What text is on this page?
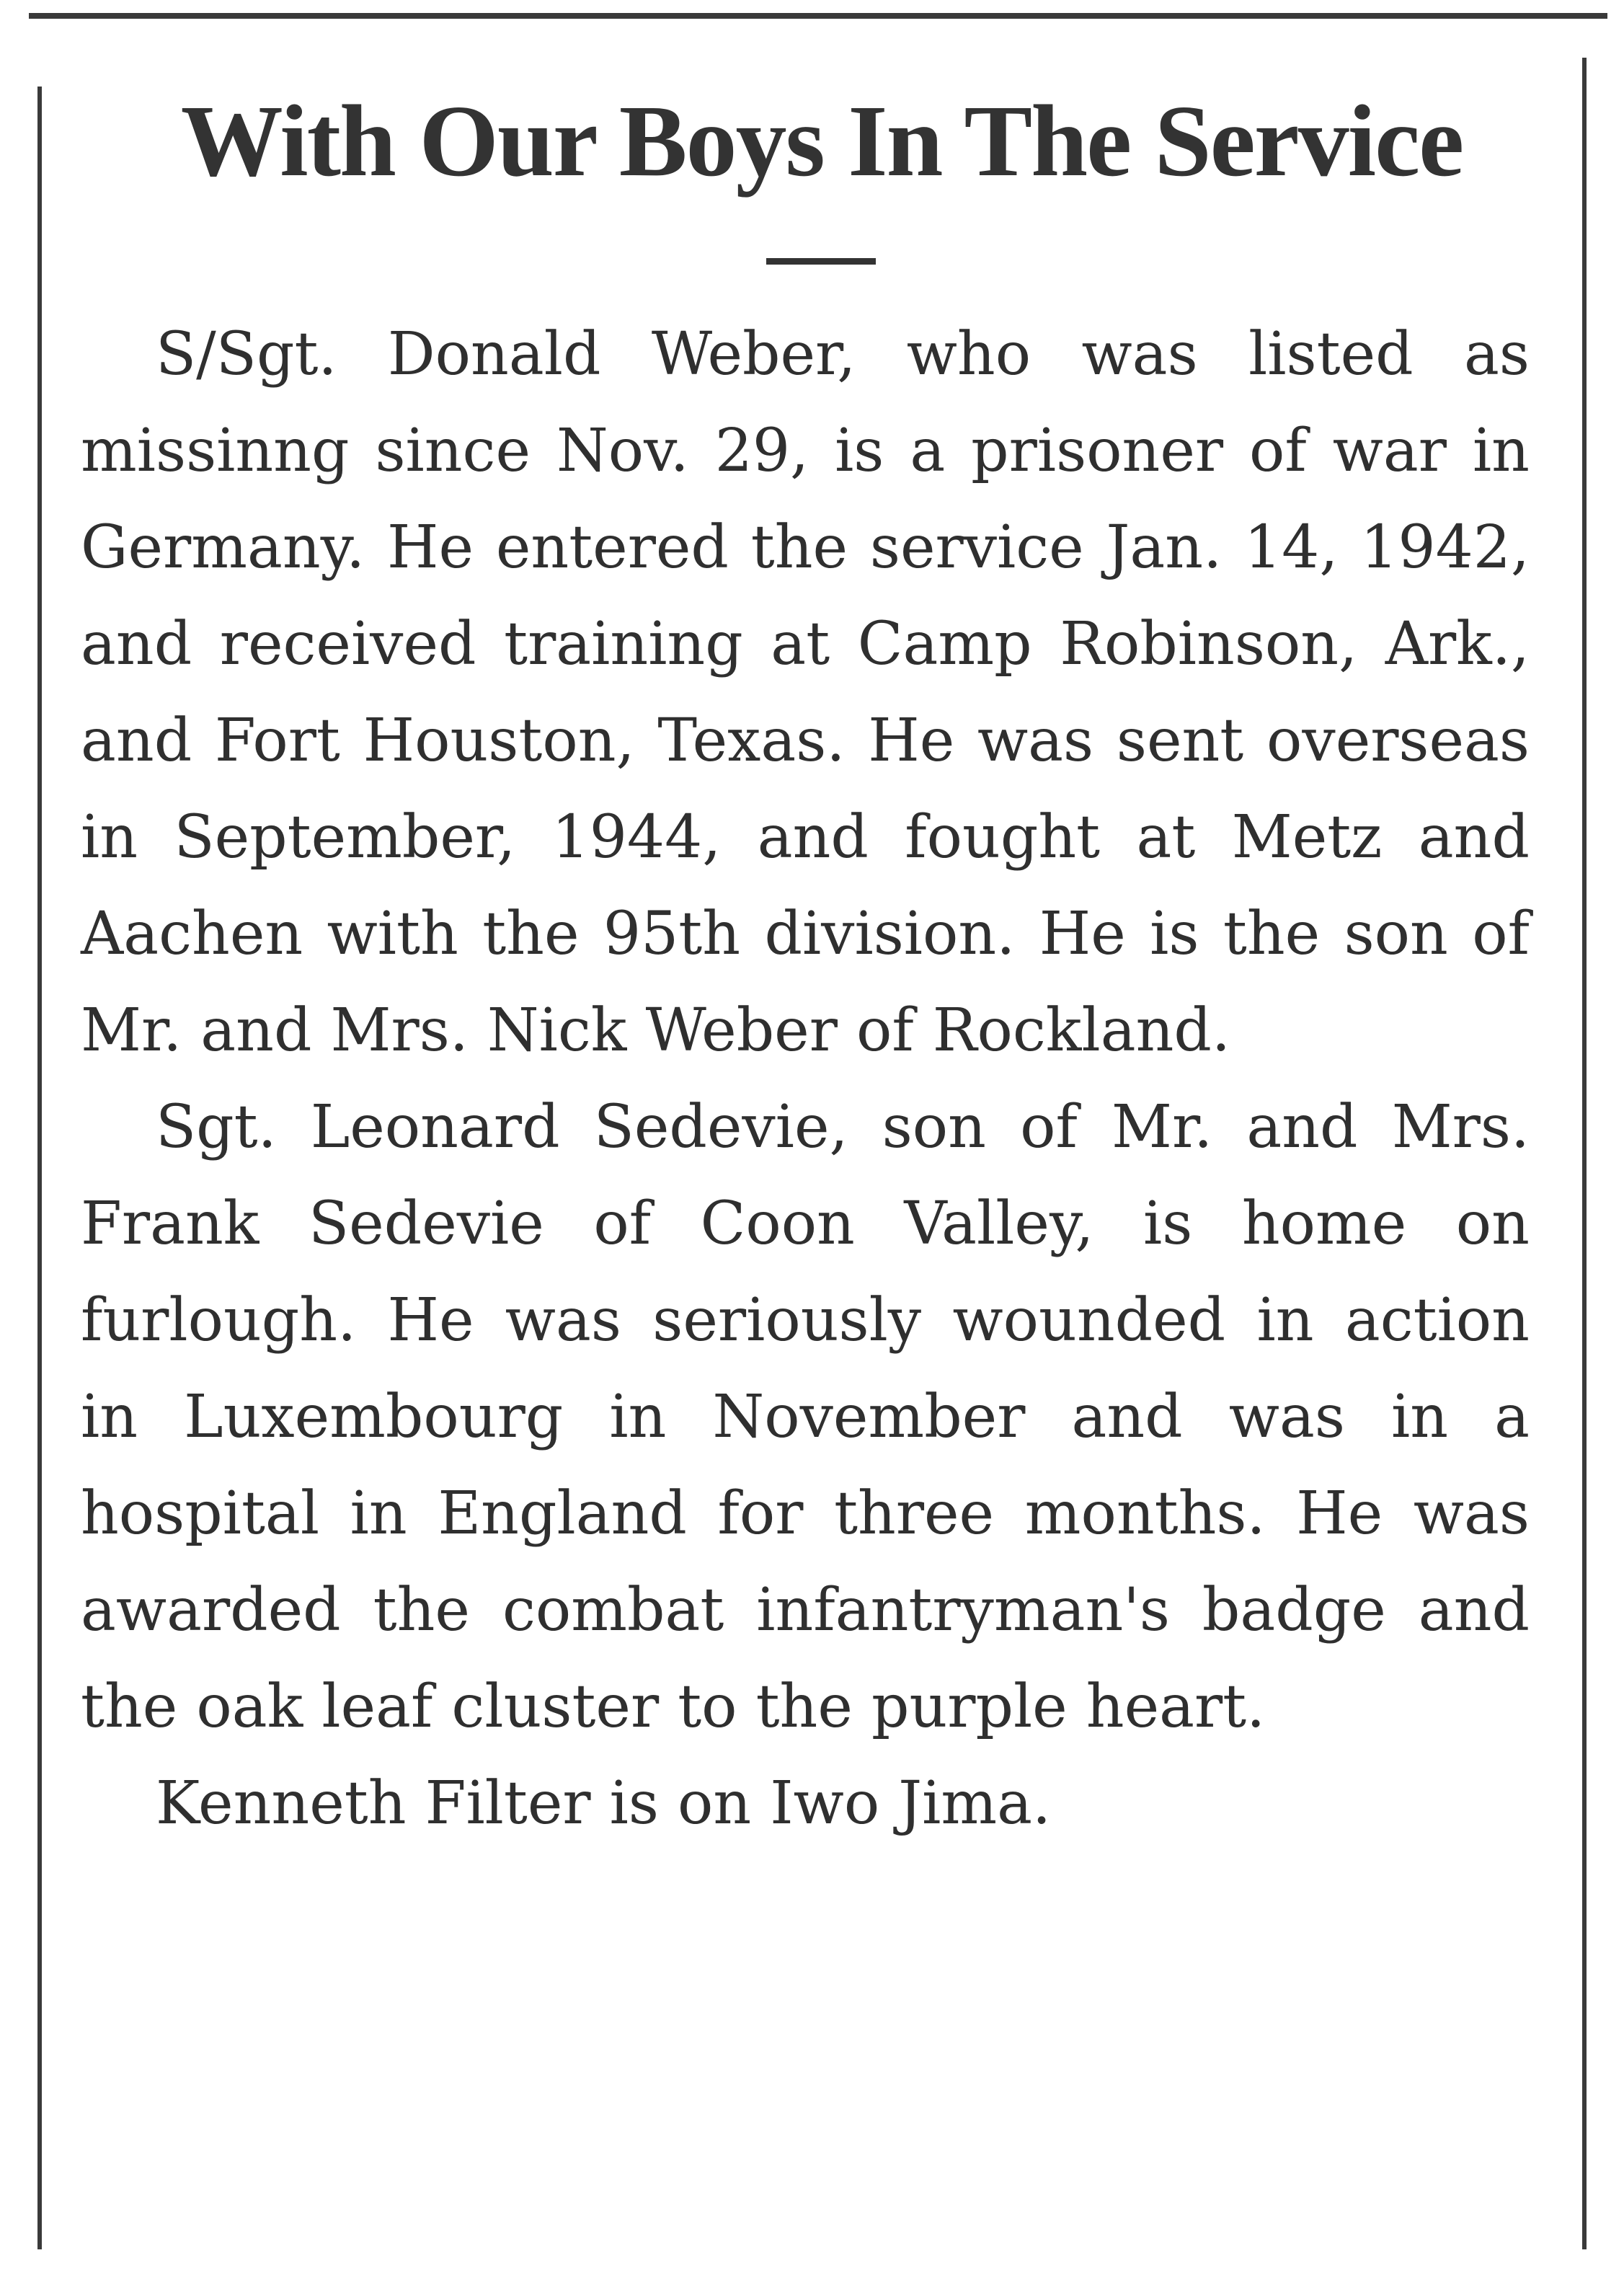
With Our Boys In The Service

S/Sgt. Donald Weber, who was listed as missinng since Nov. 29, is a prisoner of war in Germany. He entered the service Jan. 14, 1942, and received training at Camp Robinson, Ark., and Fort Houston, Texas. He was sent overseas in September, 1944, and fought at Metz and Aachen with the 95th division. He is the son of Mr. and Mrs. Nick Weber of Rockland.

Sgt. Leonard Sedevie, son of Mr. and Mrs. Frank Sedevie of Coon Valley, is home on furlough. He was seriously wounded in action in Luxembourg in November and was in a hospital in England for three months. He was awarded the combat infantryman's badge and the oak leaf cluster to the purple heart.

Kenneth Filter is on Iwo Jima.
